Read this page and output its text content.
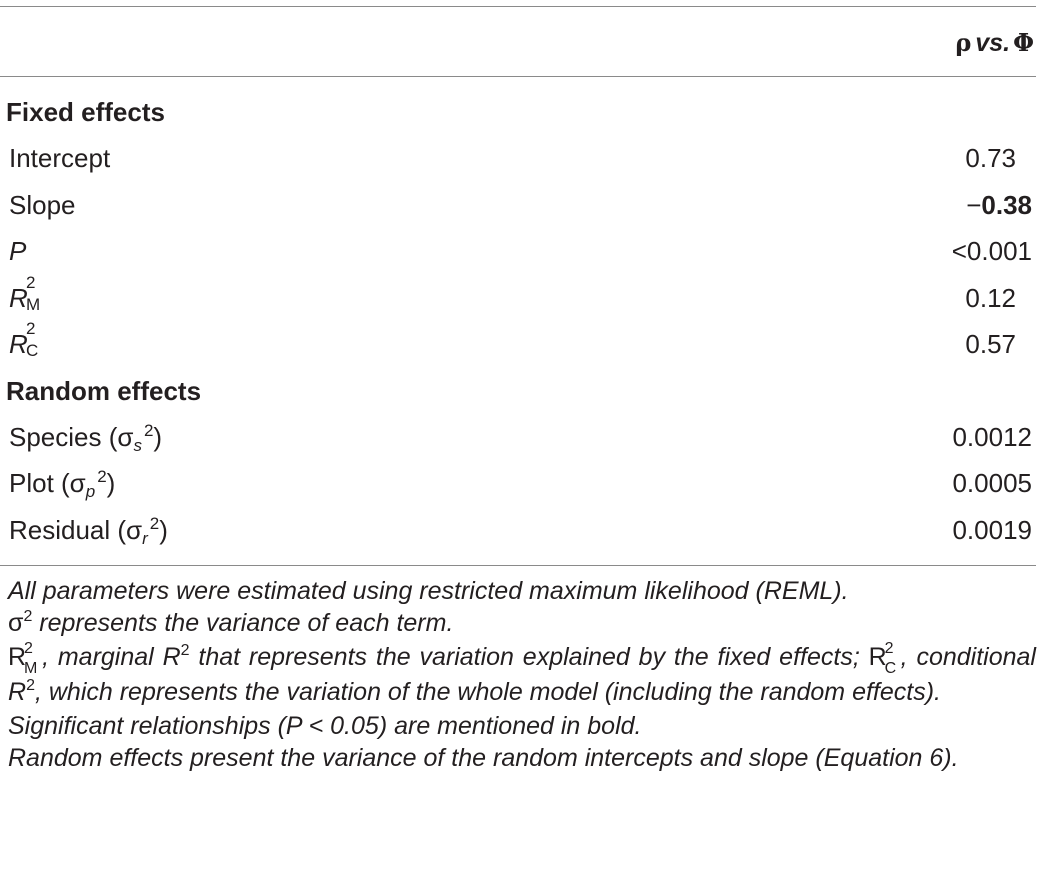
ρ vs. Φ
Fixed effects
Intercept	0.73
Slope	−0.38
P	<0.001
R
2
M	0.12
R
2
C	0.57
Random effects
Species $(\sigma s^2)$	0.0012
Plot $(\sigma p^2)$	0.0005
Residual $(\sigma r^2)$	0.0019

All parameters were estimated using restricted maximum likelihood (REML).

$\sigma^2$ represents the variance of each term.

R
2
M , marginal $R^2$ that represents the variation explained by the fixed effects; R
2
C , conditional $R^2$, which represents the variation of the whole model (including the random effects).

Significant relationships (P < 0.05) are mentioned in bold.

Random effects present the variance of the random intercepts and slope (Equation 6).
